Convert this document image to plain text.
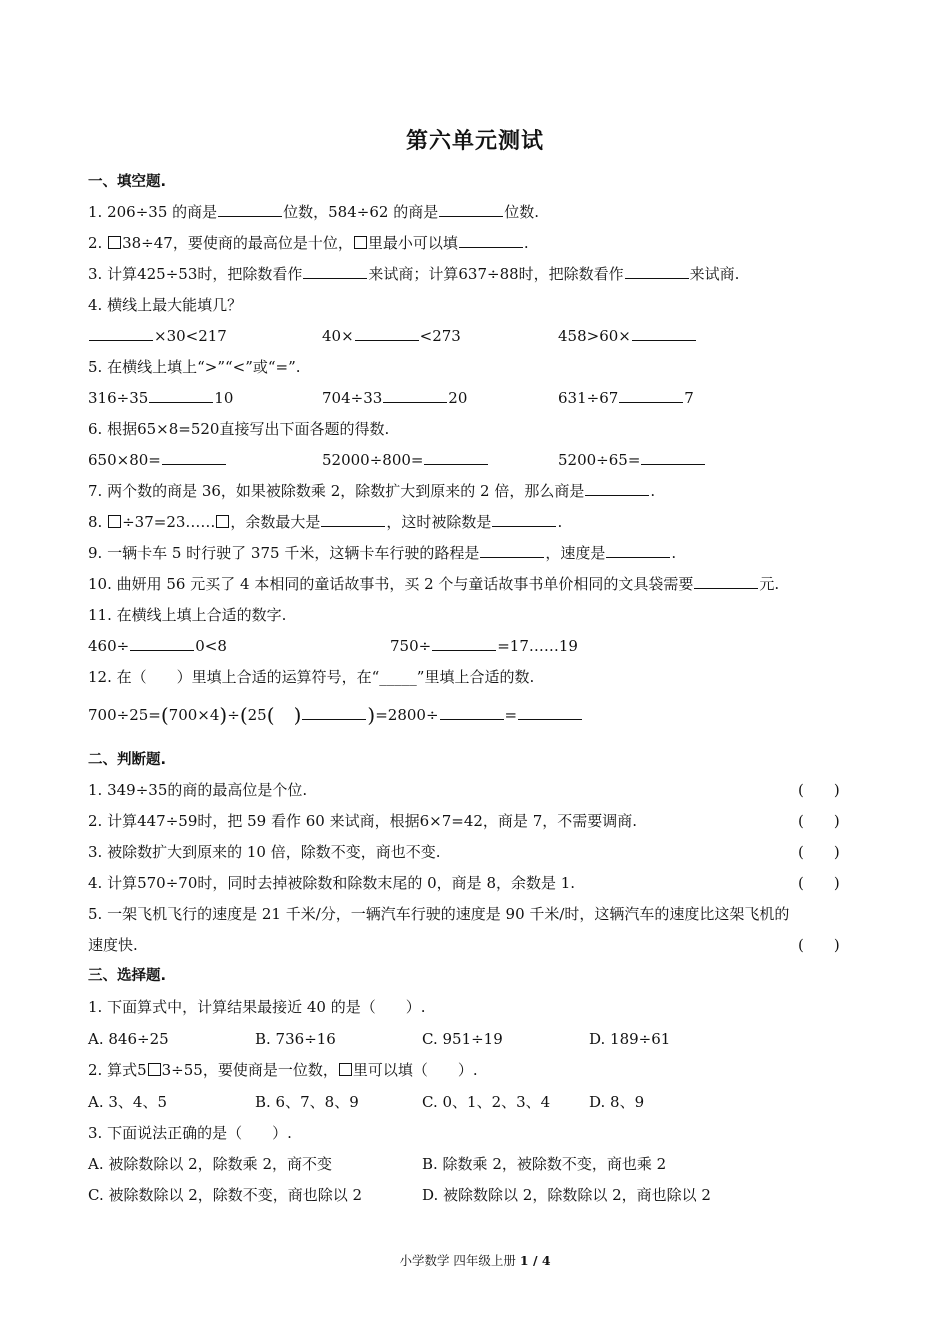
第六单元测试
一、填空题.
1. 206÷35 的商是	位数，584÷62 的商是	位数.
2. 38÷47，要使商的最高位是十位， 里最小可以填	.
3. 计算425÷53时，把除数看作	来试商；计算637÷88时，把除数看作	来试商.
4. 横线上最大能填几？
×30<217	40×	<273	458>60×
5. 在横线上填上“>”“<”或“=”.
316÷35	10	704÷33	20	631÷67	7
6. 根据65×8=520直接写出下面各题的得数.
650×80=	52000÷800=	5200÷65=
7. 两个数的商是 36，如果被除数乘 2，除数扩大到原来的 2 倍，那么商是	.
8. ÷37=23…… ，余数最大是	，这时被除数是	.
9. 一辆卡车 5 时行驶了 375 千米，这辆卡车行驶的路程是	，速度是	.
10. 曲妍用 56 元买了 4 本相同的童话故事书，买 2 个与童话故事书单价相同的文具袋需要	元.
11. 在横线上填上合适的数字.
460÷	0<8	750÷	=17……19
12. 在（　　）里填上合适的运算符号，在“_____”里填上合适的数.
700÷25=(700×4)÷(25(   )	)=2800÷	=
二、判断题.
1. 349÷35的商的最高位是个位.	(　　)
2. 计算447÷59时，把 59 看作 60 来试商，根据6×7=42，商是 7，不需要调商.	(　　)
3. 被除数扩大到原来的 10 倍，除数不变，商也不变.	(　　)
4. 计算570÷70时，同时去掉被除数和除数末尾的 0，商是 8，余数是 1.	(　　)
5. 一架飞机飞行的速度是 21 千米/分，一辆汽车行驶的速度是 90 千米/时，这辆汽车的速度比这架飞机的
速度快.	(　　)
三、选择题.
1. 下面算式中，计算结果最接近 40 的是（　　）.
A. 846÷25	B. 736÷16	C. 951÷19	D. 189÷61
2. 算式5 3÷55，要使商是一位数， 里可以填（　　）.
A. 3、4、5	B. 6、7、8、9	C. 0、1、2、3、4	D. 8、9
3. 下面说法正确的是（　　）.
A. 被除数除以 2，除数乘 2，商不变	B. 除数乘 2，被除数不变，商也乘 2
C. 被除数除以 2，除数不变，商也除以 2	D. 被除数除以 2，除数除以 2，商也除以 2
小学数学 四年级上册 1 / 4
